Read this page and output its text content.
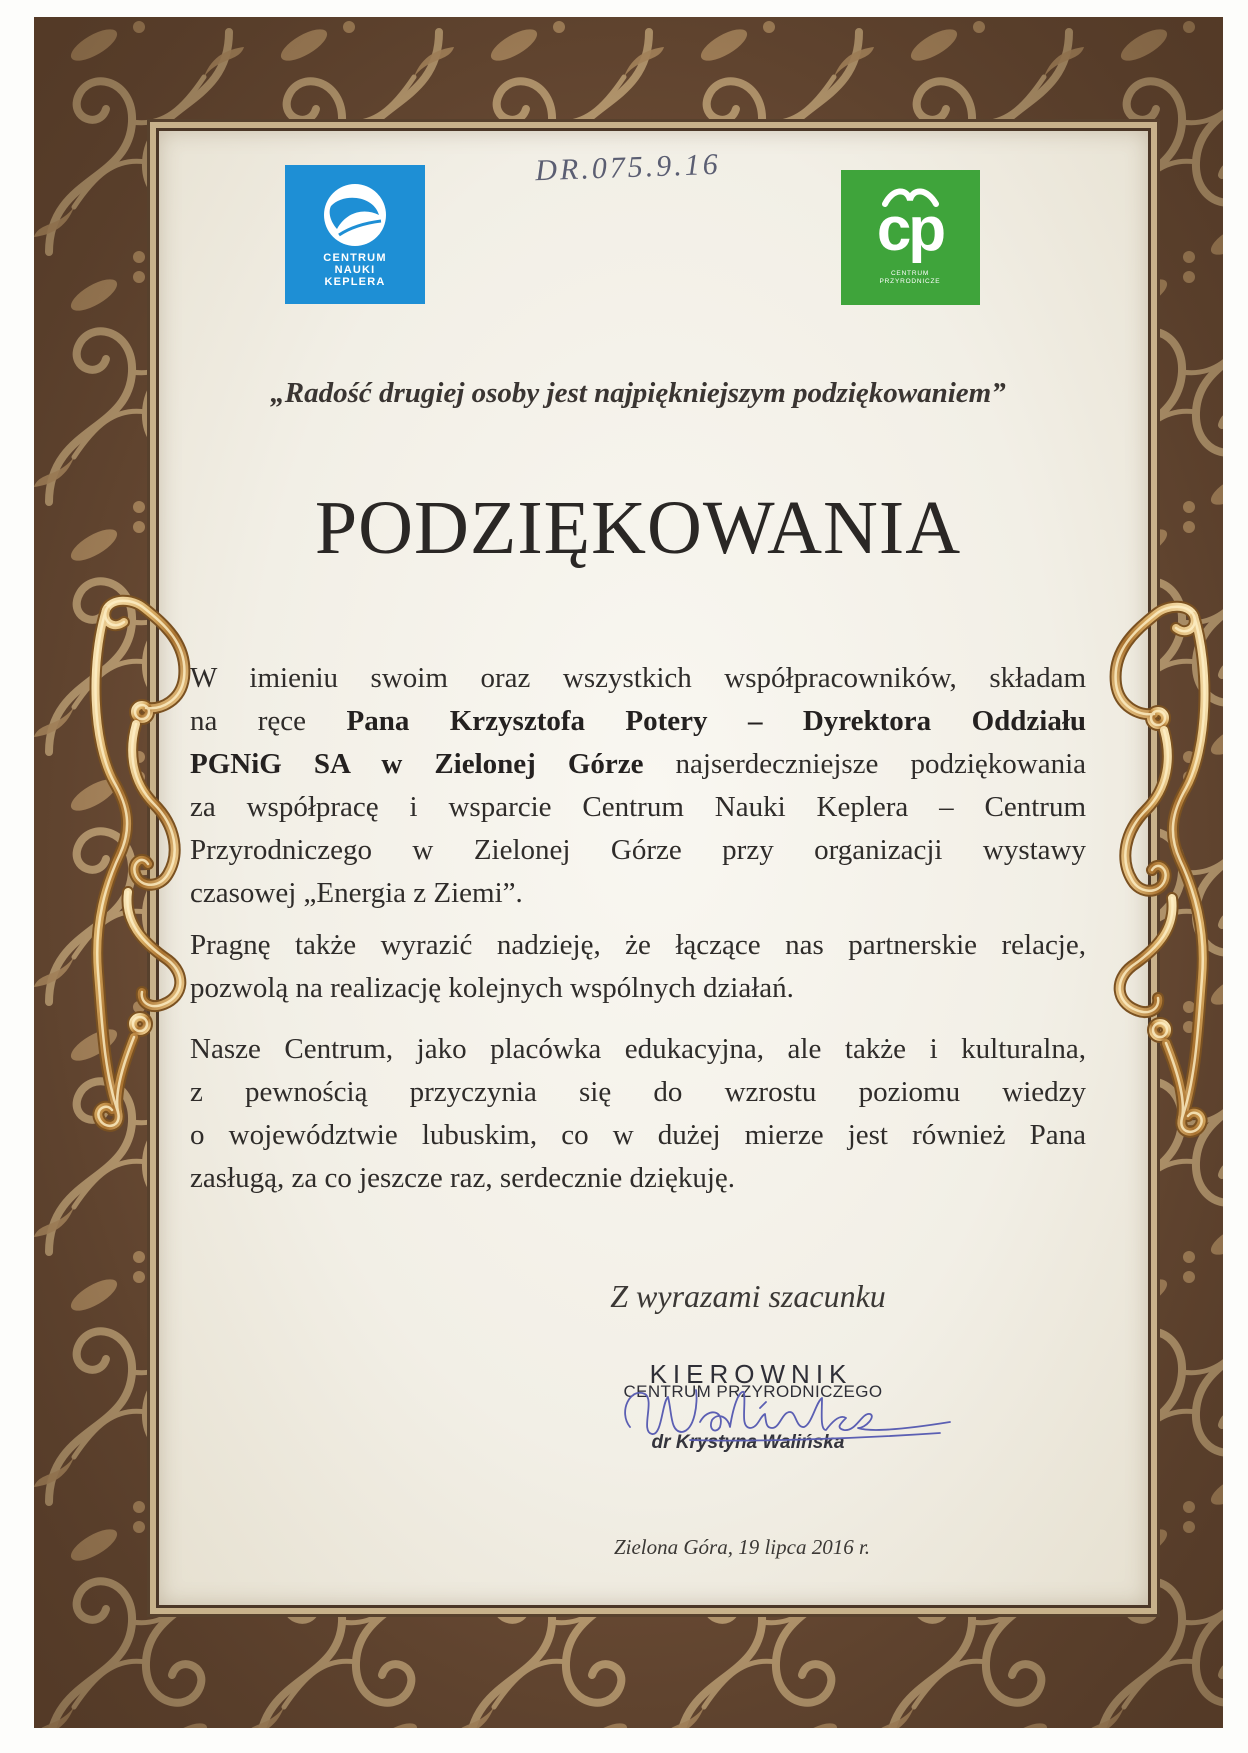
DR.075.9.16
CENTRUM
NAUKI
KEPLERA
cp
CENTRUM
PRZYRODNICZE
„Radość drugiej osoby jest najpiękniejszym podziękowaniem”
PODZIĘKOWANIA
W imieniu swoim oraz wszystkich współpracowników, składam
na ręce Pana Krzysztofa Potery – Dyrektora Oddziału
PGNiG SA w Zielonej Górze najserdeczniejsze podziękowania
za współpracę i wsparcie Centrum Nauki Keplera – Centrum
Przyrodniczego w Zielonej Górze przy organizacji wystawy
czasowej „Energia z Ziemi”.
Pragnę także wyrazić nadzieję, że łączące nas partnerskie relacje,
pozwolą na realizację kolejnych wspólnych działań.
Nasze Centrum, jako placówka edukacyjna, ale także i kulturalna,
z pewnością przyczynia się do wzrostu poziomu wiedzy
o województwie lubuskim, co w dużej mierze jest również Pana
zasługą, za co jeszcze raz, serdecznie dziękuję.
Z wyrazami szacunku
KIEROWNIK
CENTRUM PRZYRODNICZEGO
dr Krystyna Walińska
Zielona Góra, 19 lipca 2016 r.
